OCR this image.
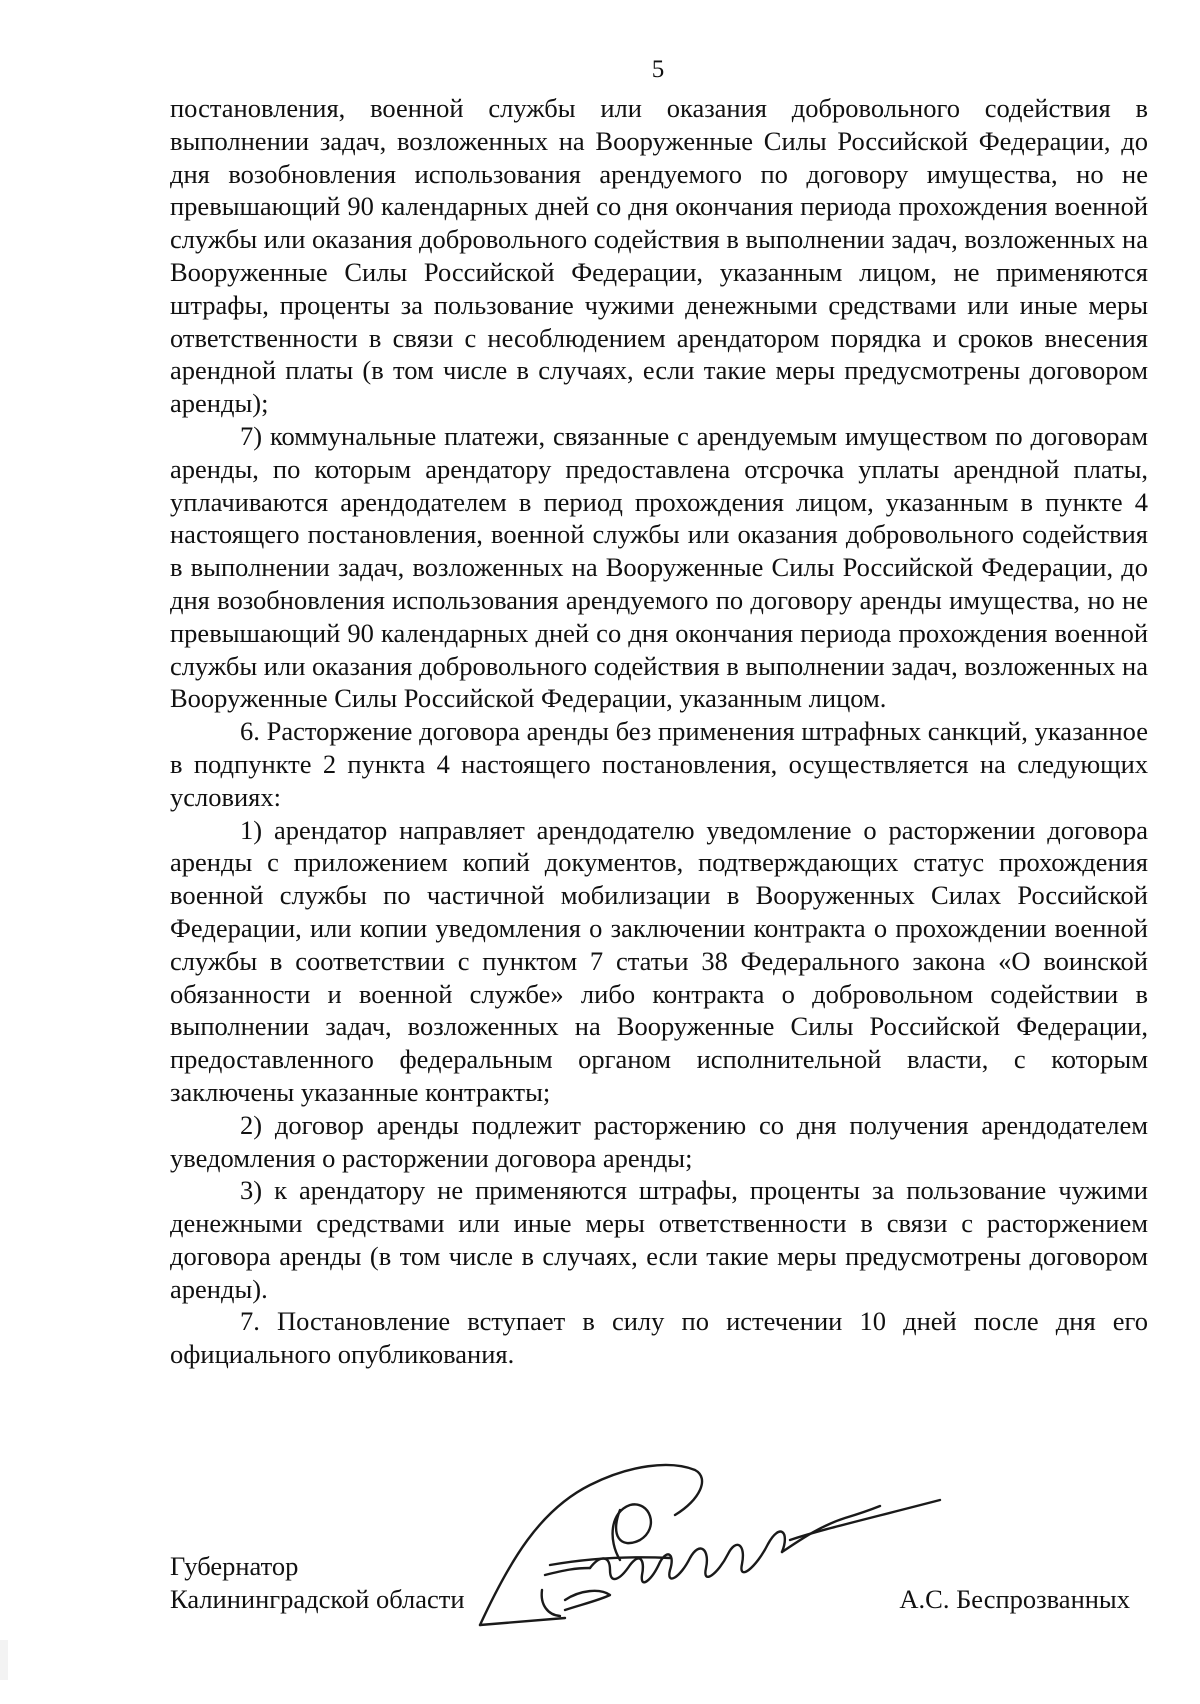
5

постановления, военной службы или оказания добровольного содействия в выполнении задач, возложенных на Вооруженные Силы Российской Федерации, до дня возобновления использования арендуемого по договору имущества, но не превышающий 90 календарных дней со дня окончания периода прохождения военной службы или оказания добровольного содействия в выполнении задач, возложенных на Вооруженные Силы Российской Федерации, указанным лицом, не применяются штрафы, проценты за пользование чужими денежными средствами или иные меры ответственности в связи с несоблюдением арендатором порядка и сроков внесения арендной платы (в том числе в случаях, если такие меры предусмотрены договором аренды);

7) коммунальные платежи, связанные с арендуемым имуществом по договорам аренды, по которым арендатору предоставлена отсрочка уплаты арендной платы, уплачиваются арендодателем в период прохождения лицом, указанным в пункте 4 настоящего постановления, военной службы или оказания добровольного содействия в выполнении задач, возложенных на Вооруженные Силы Российской Федерации, до дня возобновления использования арендуемого по договору аренды имущества, но не превышающий 90 календарных дней со дня окончания периода прохождения военной службы или оказания добровольного содействия в выполнении задач, возложенных на Вооруженные Силы Российской Федерации, указанным лицом.

6. Расторжение договора аренды без применения штрафных санкций, указанное в подпункте 2 пункта 4 настоящего постановления, осуществляется на следующих условиях:

1) арендатор направляет арендодателю уведомление о расторжении договора аренды с приложением копий документов, подтверждающих статус прохождения военной службы по частичной мобилизации в Вооруженных Силах Российской Федерации, или копии уведомления о заключении контракта о прохождении военной службы в соответствии с пунктом 7 статьи 38 Федерального закона «О воинской обязанности и военной службе» либо контракта о добровольном содействии в выполнении задач, возложенных на Вооруженные Силы Российской Федерации, предоставленного федеральным органом исполнительной власти, с которым заключены указанные контракты;

2) договор аренды подлежит расторжению со дня получения арендодателем уведомления о расторжении договора аренды;

3) к арендатору не применяются штрафы, проценты за пользование чужими денежными средствами или иные меры ответственности в связи с расторжением договора аренды (в том числе в случаях, если такие меры предусмотрены договором аренды).

7. Постановление вступает в силу по истечении 10 дней после дня его официального опубликования.

Губернатор
Калининградской области	А.С. Беспрозванных
